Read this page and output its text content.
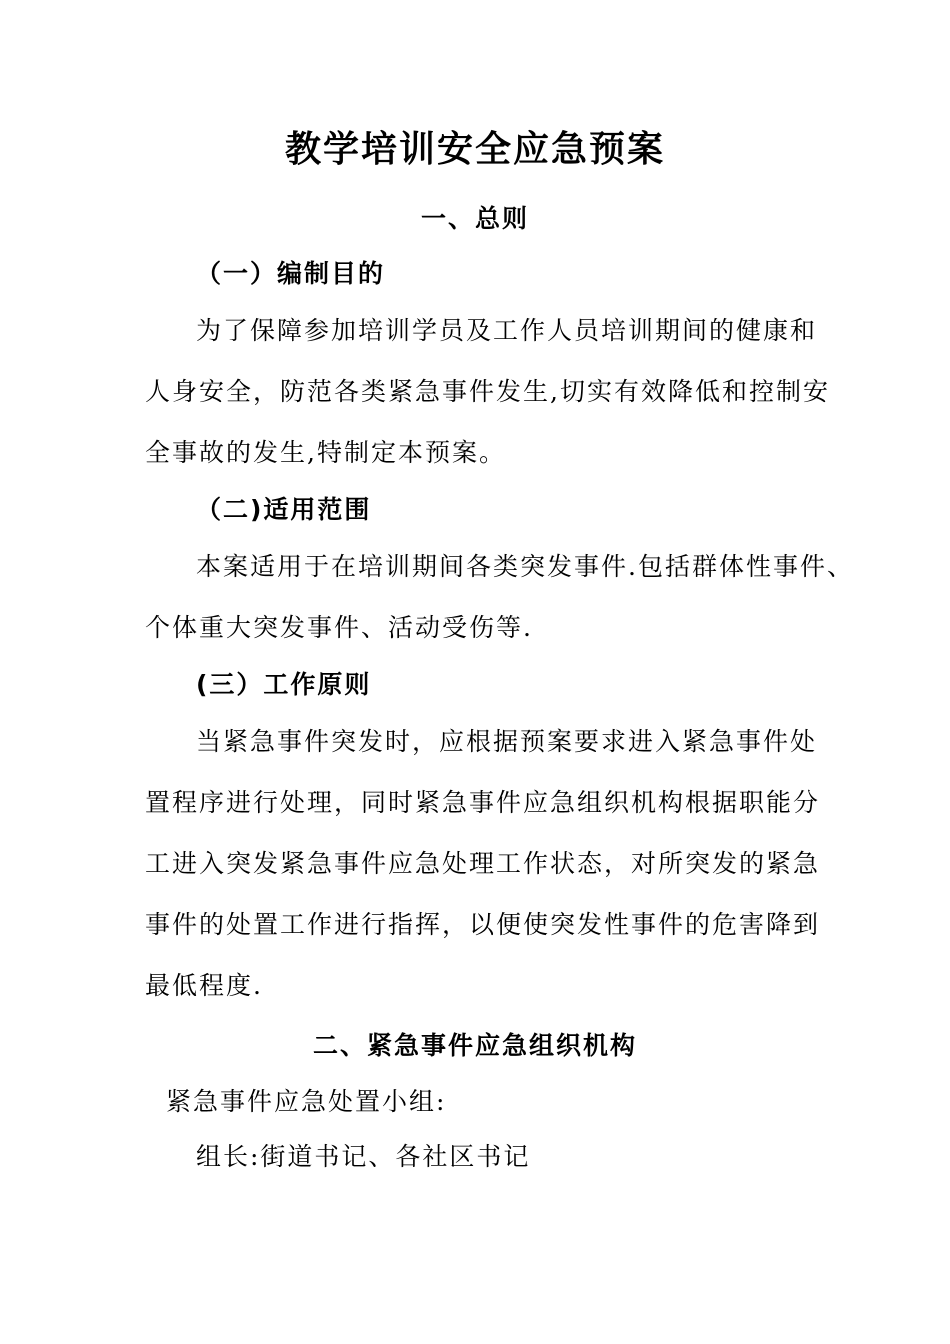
教学培训安全应急预案
一、总则
（一）编制目的
为了保障参加培训学员及工作人员培训期间的健康和
人身安全，防范各类紧急事件发生,切实有效降低和控制安
全事故的发生,特制定本预案。
（二)适用范围
本案适用于在培训期间各类突发事件.包括群体性事件、
个体重大突发事件、活动受伤等.
(三）工作原则
当紧急事件突发时，应根据预案要求进入紧急事件处
置程序进行处理，同时紧急事件应急组织机构根据职能分
工进入突发紧急事件应急处理工作状态，对所突发的紧急
事件的处置工作进行指挥，以便使突发性事件的危害降到
最低程度.
二、紧急事件应急组织机构
紧急事件应急处置小组:
组长:街道书记、各社区书记
